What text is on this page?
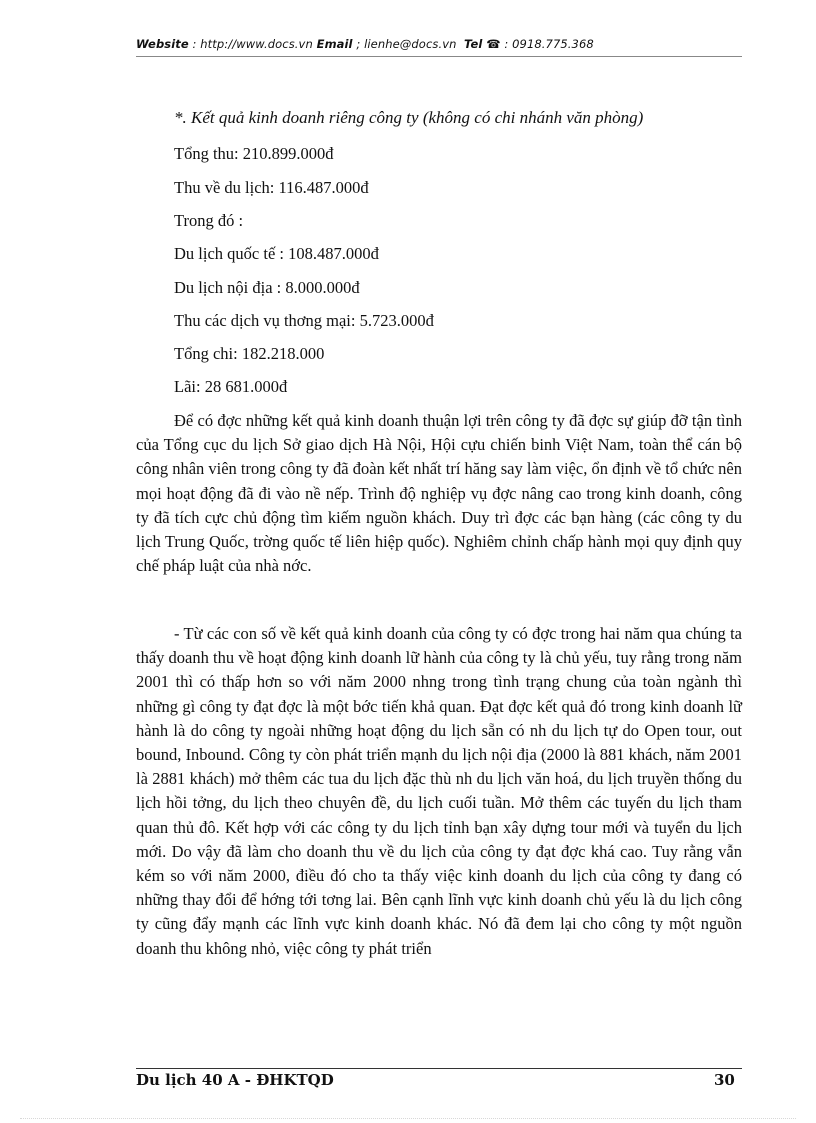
Website : http://www.docs.vn Email ; lienhe@docs.vn Tel ☎ : 0918.775.368
*. Kết quả kinh doanh riêng công ty (không có chi nhánh văn phòng)
Tổng thu: 210.899.000đ
Thu về du lịch: 116.487.000đ
Trong đó :
Du lịch quốc tế : 108.487.000đ
Du lịch nội địa : 8.000.000đ
Thu các dịch vụ thơng mại: 5.723.000đ
Tổng chi: 182.218.000
Lãi: 28 681.000đ

Để có đợc những kết quả kinh doanh thuận lợi trên công ty đã đợc sự giúp đỡ tận tình của Tổng cục du lịch Sở giao dịch Hà Nội, Hội cựu chiến binh Việt Nam, toàn thể cán bộ công nhân viên trong công ty đã đoàn kết nhất trí hăng say làm việc, ổn định về tổ chức nên mọi hoạt động đã đi vào nề nếp. Trình độ nghiệp vụ đợc nâng cao trong kinh doanh, công ty đã tích cực chủ động tìm kiếm nguồn khách. Duy trì đợc các bạn hàng (các công ty du lịch Trung Quốc, trờng quốc tế liên hiệp quốc). Nghiêm chỉnh chấp hành mọi quy định quy chế pháp luật của nhà nớc.

- Từ các con số về kết quả kinh doanh của công ty có đợc trong hai năm qua chúng ta thấy doanh thu về hoạt động kinh doanh lữ hành của công ty là chủ yếu, tuy rằng trong năm 2001 thì có thấp hơn so với năm 2000 nhng trong tình trạng chung của toàn ngành thì những gì công ty đạt đợc là một bớc tiến khả quan. Đạt đợc kết quả đó trong kinh doanh lữ hành là do công ty ngoài những hoạt động du lịch sẵn có nh du lịch tự do Open tour, out bound, Inbound. Công ty còn phát triển mạnh du lịch nội địa (2000 là 881 khách, năm 2001 là 2881 khách) mở thêm các tua du lịch đặc thù nh du lịch văn hoá, du lịch truyền thống du lịch hồi tởng, du lịch theo chuyên đề, du lịch cuối tuần. Mở thêm các tuyến du lịch tham quan thủ đô. Kết hợp với các công ty du lịch tỉnh bạn xây dựng tour mới và tuyển du lịch mới. Do vậy đã làm cho doanh thu về du lịch của công ty đạt đợc khá cao. Tuy rằng vẫn kém so với năm 2000, điều đó cho ta thấy việc kinh doanh du lịch của công ty đang có những thay đổi để hớng tới tơng lai. Bên cạnh lĩnh vực kinh doanh chủ yếu là du lịch công ty cũng đẩy mạnh các lĩnh vực kinh doanh khác. Nó đã đem lại cho công ty một nguồn doanh thu không nhỏ, việc công ty phát triển

Du lịch 40 A - ĐHKTQD	30
